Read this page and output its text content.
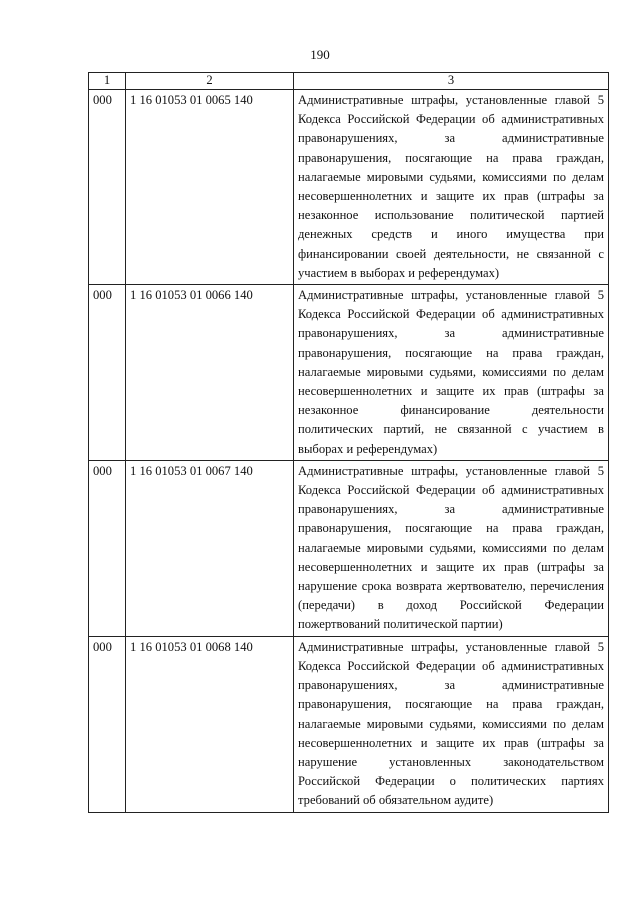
190
1	2	3
000	1 16 01053 01 0065 140	Административные штрафы, установленные главой 5 Кодекса Российской Федерации об административных правонарушениях, за административные правонарушения, посягающие на права граждан, налагаемые мировыми судьями, комиссиями по делам несовершеннолетних и защите их прав (штрафы за незаконное использование политической партией денежных средств и иного имущества при финансировании своей деятельности, не связанной с участием в выборах и референдумах)
000	1 16 01053 01 0066 140	Административные штрафы, установленные главой 5 Кодекса Российской Федерации об административных правонарушениях, за административные правонарушения, посягающие на права граждан, налагаемые мировыми судьями, комиссиями по делам несовершеннолетних и защите их прав (штрафы за незаконное финансирование деятельности политических партий, не связанной с участием в выборах и референдумах)
000	1 16 01053 01 0067 140	Административные штрафы, установленные главой 5 Кодекса Российской Федерации об административных правонарушениях, за административные правонарушения, посягающие на права граждан, налагаемые мировыми судьями, комиссиями по делам несовершеннолетних и защите их прав (штрафы за нарушение срока возврата жертвователю, перечисления (передачи) в доход Российской Федерации пожертвований политической партии)
000	1 16 01053 01 0068 140	Административные штрафы, установленные главой 5 Кодекса Российской Федерации об административных правонарушениях, за административные правонарушения, посягающие на права граждан, налагаемые мировыми судьями, комиссиями по делам несовершеннолетних и защите их прав (штрафы за нарушение установленных законодательством Российской Федерации о политических партиях требований об обязательном аудите)
